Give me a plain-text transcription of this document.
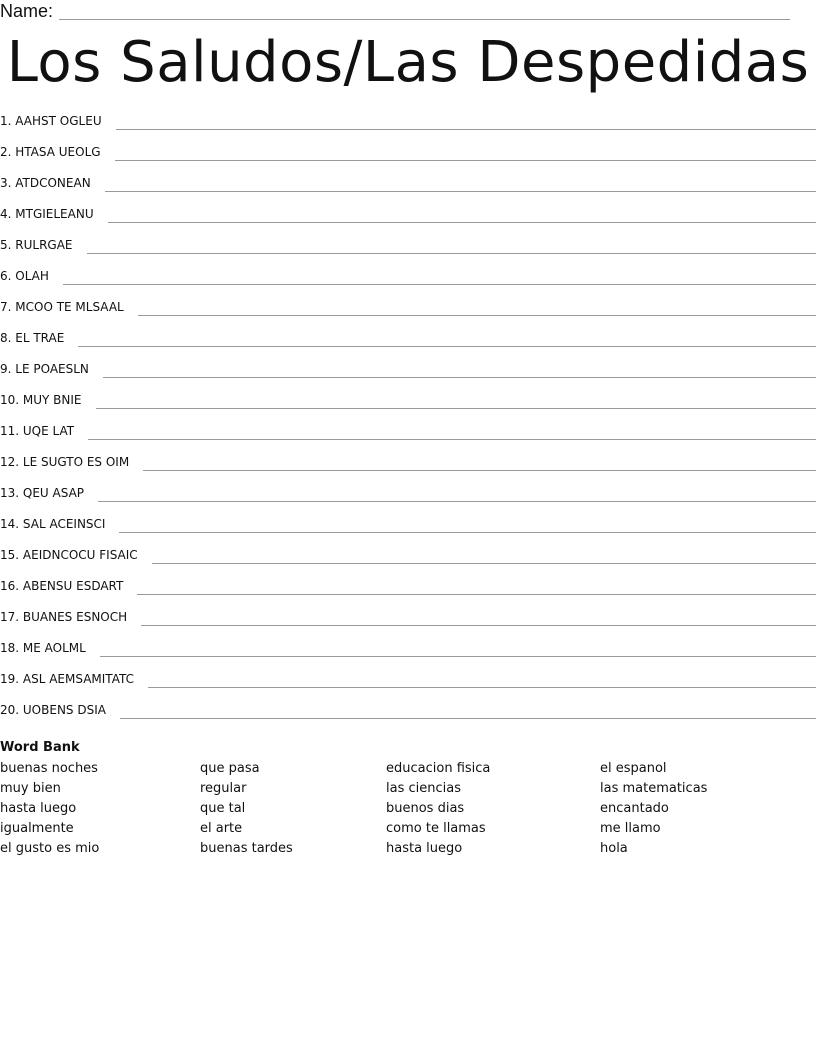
Name:
Los Saludos/Las Despedidas
1. AAHST OGLEU
2. HTASA UEOLG
3. ATDCONEAN
4. MTGIELEANU
5. RULRGAE
6. OLAH
7. MCOO TE MLSAAL
8. EL TRAE
9. LE POAESLN
10. MUY BNIE
11. UQE LAT
12. LE SUGTO ES OIM
13. QEU ASAP
14. SAL ACEINSCI
15. AEIDNCOCU FISAIC
16. ABENSU ESDART
17. BUANES ESNOCH
18. ME AOLML
19. ASL AEMSAMITATC
20. UOBENS DSIA
Word Bank
buenas noches
muy bien
hasta luego
igualmente
el gusto es mio
que pasa
regular
que tal
el arte
buenas tardes
educacion fisica
las ciencias
buenos dias
como te llamas
hasta luego
el espanol
las matematicas
encantado
me llamo
hola
